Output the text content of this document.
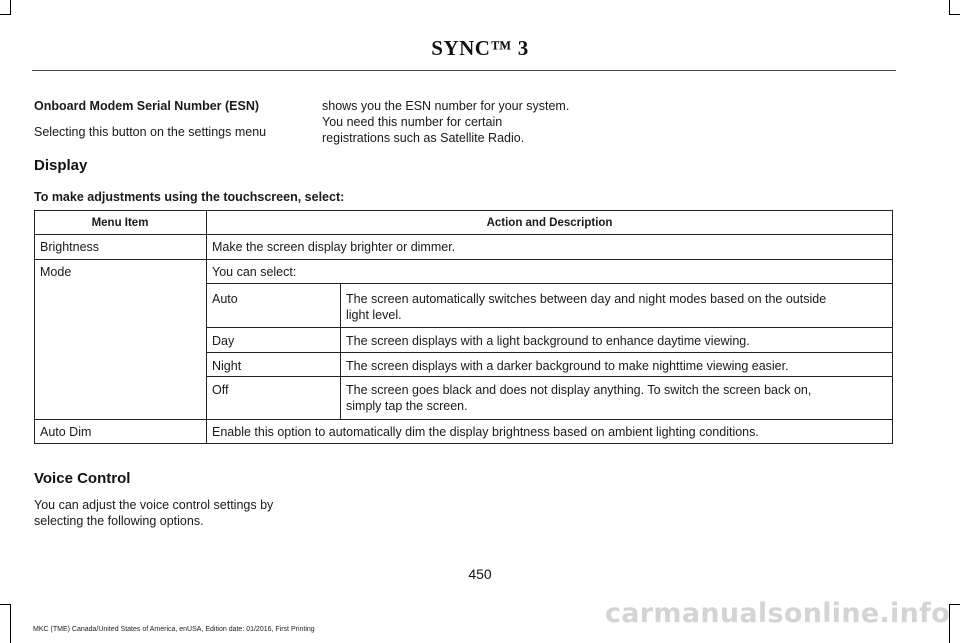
SYNC™ 3
Onboard Modem Serial Number (ESN)
Selecting this button on the settings menu
shows you the ESN number for your system.
You need this number for certain
registrations such as Satellite Radio.
Display
To make adjustments using the touchscreen, select:
Menu Item	Action and Description
Brightness	Make the screen display brighter or dimmer.
Mode	You can select:
Auto	The screen automatically switches between day and night modes based on the outside
light level.
Day	The screen displays with a light background to enhance daytime viewing.
Night	The screen displays with a darker background to make nighttime viewing easier.
Off	The screen goes black and does not display anything. To switch the screen back on,
simply tap the screen.
Auto Dim	Enable this option to automatically dim the display brightness based on ambient lighting conditions.
Voice Control
You can adjust the voice control settings by
selecting the following options.
450
MKC (TME) Canada/United States of America, enUSA, Edition date: 01/2016, First Printing
carmanualsonline.info
